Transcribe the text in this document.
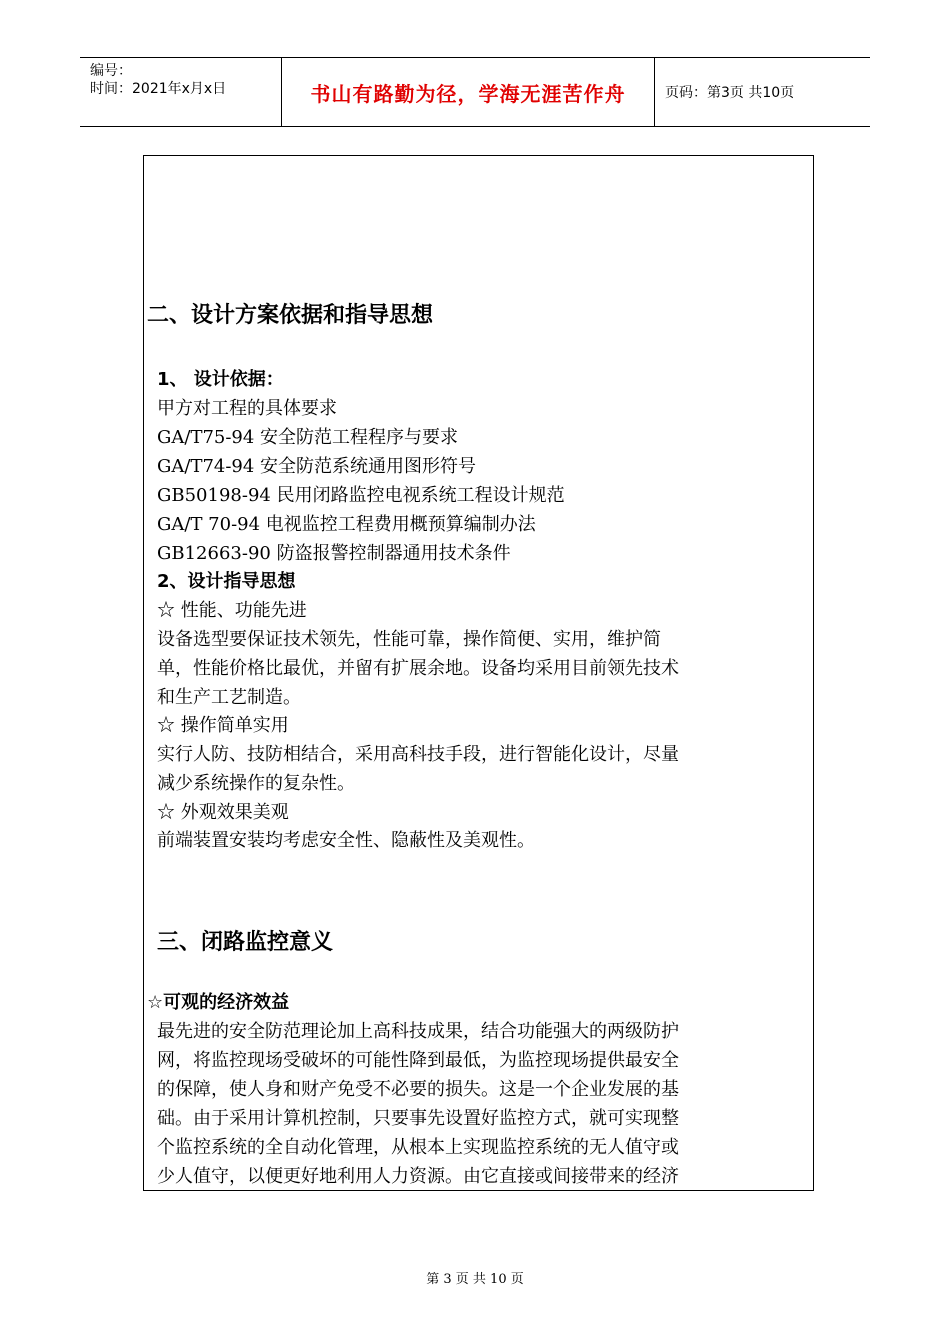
编号：
时间：2021年x月x日	书山有路勤为径，学海无涯苦作舟	页码：第3页 共10页
二、设计方案依据和指导思想
1、 设计依据：
甲方对工程的具体要求
GA/T75-94 安全防范工程程序与要求
GA/T74-94 安全防范系统通用图形符号
GB50198-94 民用闭路监控电视系统工程设计规范
GA/T 70-94 电视监控工程费用概预算编制办法
GB12663-90 防盗报警控制器通用技术条件
2、设计指导思想
☆ 性能、功能先进
设备选型要保证技术领先，性能可靠，操作简便、实用，维护简
单，性能价格比最优，并留有扩展余地。设备均采用目前领先技术
和生产工艺制造。
☆ 操作简单实用
实行人防、技防相结合，采用高科技手段，进行智能化设计，尽量
减少系统操作的复杂性。
☆ 外观效果美观
前端装置安装均考虑安全性、隐蔽性及美观性。
三、闭路监控意义
☆可观的经济效益
最先进的安全防范理论加上高科技成果，结合功能强大的两级防护
网，将监控现场受破坏的可能性降到最低，为监控现场提供最安全
的保障，使人身和财产免受不必要的损失。这是一个企业发展的基
础。由于采用计算机控制，只要事先设置好监控方式，就可实现整
个监控系统的全自动化管理，从根本上实现监控系统的无人值守或
少人值守，以便更好地利用人力资源。由它直接或间接带来的经济
第 3 页 共 10 页
